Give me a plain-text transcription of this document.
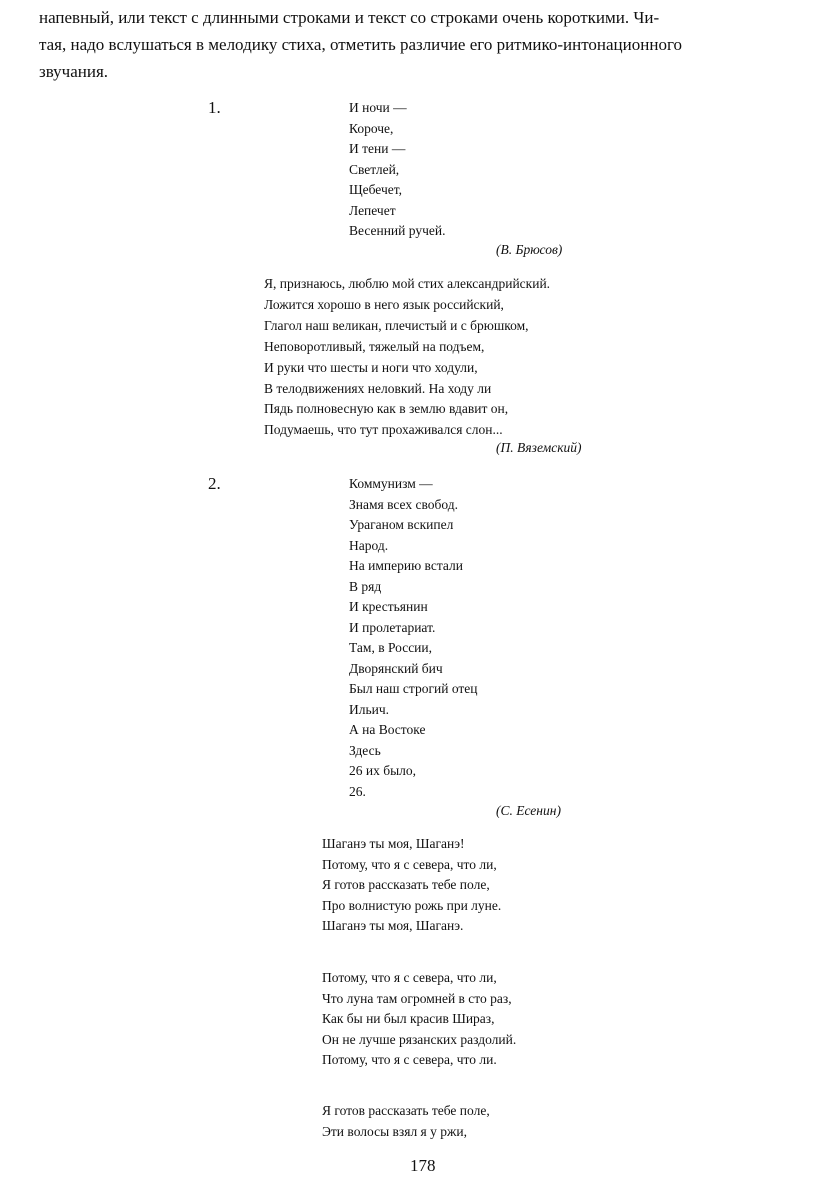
напевный, или текст с длинными строками и текст со строками очень короткими. Чи-
тая, надо вслушаться в мелодику стиха, отметить различие его ритмико-интонационного
звучания.
1.	И ночи —
Короче,
И тени —
Светлей,
Щебечет,
Лепечет
Весенний ручей.
(В. Брюсов)
Я, признаюсь, люблю мой стих александрийский.
Ложится хорошо в него язык российский,
Глагол наш великан, плечистый и с брюшком,
Неповоротливый, тяжелый на подъем,
И руки что шесты и ноги что ходули,
В телодвижениях неловкий. На ходу ли
Пядь полновесную как в землю вдавит он,
Подумаешь, что тут прохаживался слон...
(П. Вяземский)
2.	Коммунизм —
Знамя всех свобод.
Ураганом вскипел
Народ.
На империю встали
В ряд
И крестьянин
И пролетариат.
Там, в России,
Дворянский бич
Был наш строгий отец
Ильич.
А на Востоке
Здесь
26 их было,
26.
(С. Есенин)
Шаганэ ты моя, Шаганэ!
Потому, что я с севера, что ли,
Я готов рассказать тебе поле,
Про волнистую рожь при луне.
Шаганэ ты моя, Шаганэ.
Потому, что я с севера, что ли,
Что луна там огромней в сто раз,
Как бы ни был красив Шираз,
Он не лучше рязанских раздолий.
Потому, что я с севера, что ли.
Я готов рассказать тебе поле,
Эти волосы взял я у ржи,
178
